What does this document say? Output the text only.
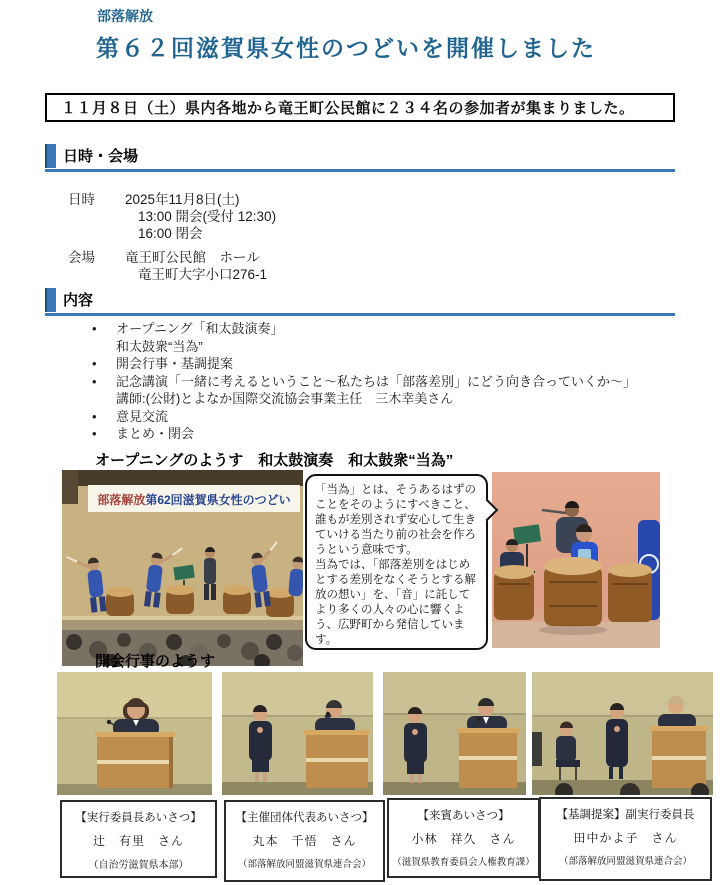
部落解放
第６２回滋賀県女性のつどいを開催しました
１１月８日（土）県内各地から竜王町公民館に２３４名の参加者が集まりました。
日時・会場
日時 2025年11月8日(土)
13:00 開会(受付 12:30)
16:00 閉会
会場 竜王町公民館　ホール
竜王町大字小口276-1
内容
•	オープニング「和太鼓演奏」
和太鼓衆“当為”
•	開会行事・基調提案
•	記念講演「一緒に考えるということ～私たちは「部落差別」にどう向き合っていくか～」
講師:(公財)とよなか国際交流協会事業主任　三木幸美さん
•	意見交流
•	まとめ・閉会
オープニングのようす　和太鼓演奏　和太鼓衆“当為”
部落解放第62回滋賀県女性のつどい
「当為」とは、そうあるはずのことをそのようにすべきこと、誰もが差別されず安心して生きていける当たり前の社会を作ろうという意味です。
当為では、「部落差別をはじめとする差別をなくそうとする解放の想い」を、「音」に託してより多くの人々の心に響くよう、広野町から発信しています。
開会行事のようす
【実行委員長あいさつ】
辻　有里　さん
（自治労滋賀県本部）
【主催団体代表あいさつ】
丸本　千悟　さん
（部落解放同盟滋賀県連合会）
【来賓あいさつ】
小林　祥久　さん
（滋賀県教育委員会人権教育課）
【基調提案】副実行委員長
田中かよ子　さん
（部落解放同盟滋賀県連合会）
